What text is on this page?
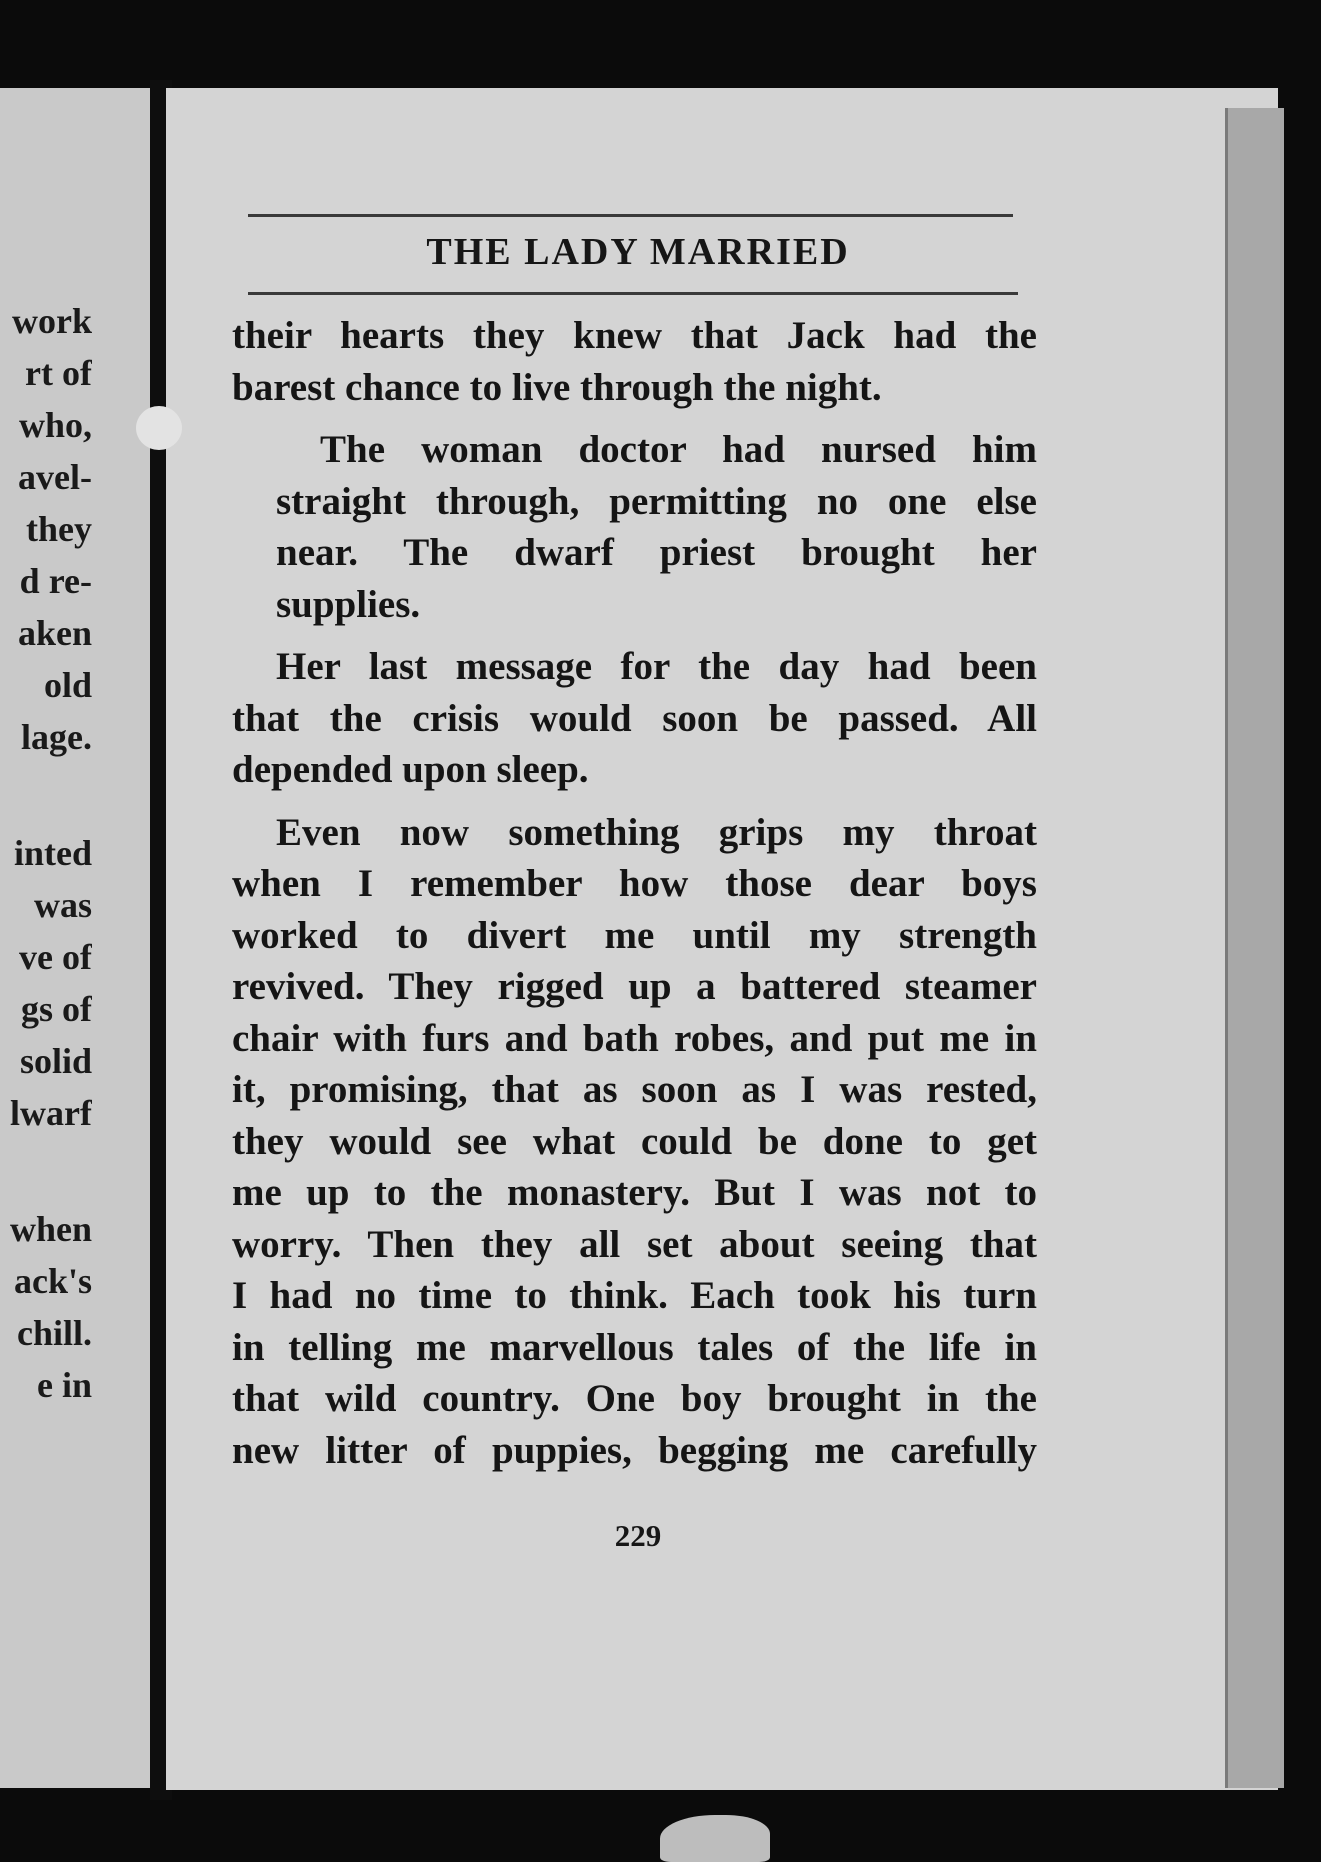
work
rt of
who,
avel-
they
d re-
aken
old
lage.
inted
was
ve of
gs of
solid
lwarf
when
ack's
chill.
e in
THE LADY MARRIED

their hearts they knew that Jack had the
barest chance to live through the night.

The woman doctor had nursed him
straight through, permitting no one else
near. The dwarf priest brought her
supplies.

Her last message for the day had been
that the crisis would soon be passed. All
depended upon sleep.

Even now something grips my throat
when I remember how those dear boys
worked to divert me until my strength
revived. They rigged up a battered steamer
chair with furs and bath robes, and put me in
it, promising, that as soon as I was rested,
they would see what could be done to get
me up to the monastery. But I was not to
worry. Then they all set about seeing that
I had no time to think. Each took his turn
in telling me marvellous tales of the life in
that wild country. One boy brought in the
new litter of puppies, begging me carefully

229
